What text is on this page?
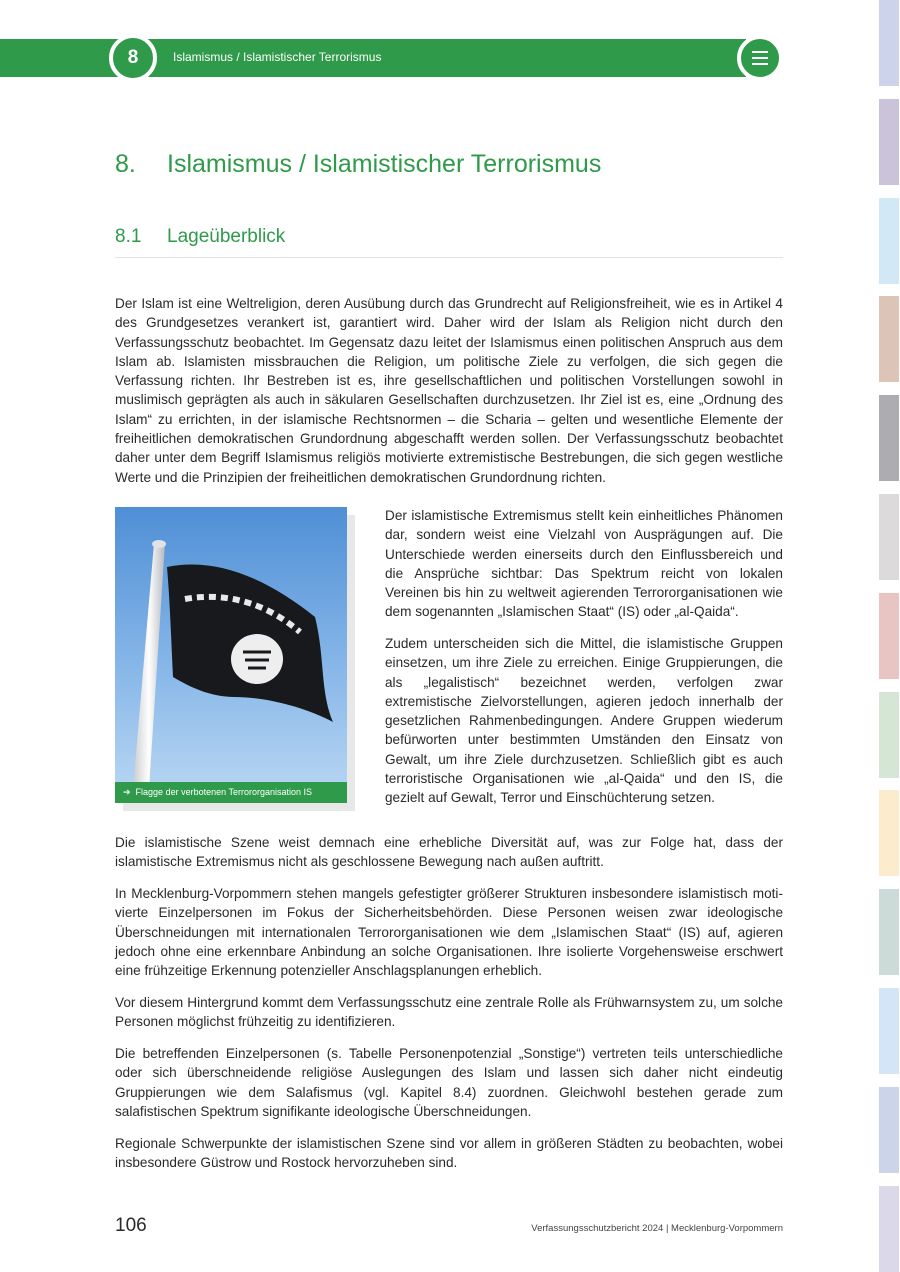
8	Islamismus / Islamistischer Terrorismus
8. Islamismus / Islamistischer Terrorismus
8.1 Lageüberblick

Der Islam ist eine Weltreligion, deren Ausübung durch das Grundrecht auf Religionsfreiheit, wie es in Artikel 4 des Grundgesetzes verankert ist, garantiert wird. Daher wird der Islam als Religion nicht durch den Verfassungsschutz beobachtet. Im Gegensatz dazu leitet der Islamismus einen politischen Anspruch aus dem Islam ab. Islamisten missbrauchen die Religion, um politische Ziele zu verfolgen, die sich gegen die Verfassung richten. Ihr Bestreben ist es, ihre gesellschaftlichen und politischen Vorstellungen sowohl in muslimisch geprägten als auch in säkularen Gesellschaften durchzusetzen. Ihr Ziel ist es, eine „Ordnung des Islam“ zu errichten, in der islamische Rechtsnormen – die Scharia – gelten und wesentliche Elemente der freiheitlichen demokratischen Grundordnung abgeschafft werden sollen. Der Verfassungsschutz beobachtet daher unter dem Begriff Islamismus religiös motivierte extremistische Bestrebungen, die sich gegen westliche Werte und die Prinzipien der freiheitlichen demokratischen Grundordnung richten.

➔ Flagge der verbotenen Terrororganisation IS

Der islamistische Extremismus stellt kein einheitliches Phänomen dar, sondern weist eine Vielzahl von Ausprägungen auf. Die Unterschiede werden einerseits durch den Einflussbereich und die Ansprüche sichtbar: Das Spektrum reicht von lokalen Vereinen bis hin zu weltweit agierenden Terrororganisationen wie dem sogenannten „Islamischen Staat“ (IS) oder „al-Qaida“.

Zudem unterscheiden sich die Mittel, die islamistische Gruppen einsetzen, um ihre Ziele zu erreichen. Einige Gruppierungen, die als „legalistisch“ bezeichnet werden, verfolgen zwar extremistische Zielvorstellungen, agieren jedoch innerhalb der gesetzlichen Rahmenbedingungen. Andere Gruppen wiederum befürworten unter bestimmten Umständen den Einsatz von Gewalt, um ihre Ziele durchzusetzen. Schließlich gibt es auch terroristische Organisationen wie „al-Qaida“ und den IS, die gezielt auf Gewalt, Terror und Einschüchterung setzen.

Die islamistische Szene weist demnach eine erhebliche Diversität auf, was zur Folge hat, dass der islamistische Extremismus nicht als geschlossene Bewegung nach außen auftritt.

In Mecklenburg-Vorpommern stehen mangels gefestigter größerer Strukturen insbesondere islamistisch motivierte Einzelpersonen im Fokus der Sicherheitsbehörden. Diese Personen weisen zwar ideologische Überschneidungen mit internationalen Terrororganisationen wie dem „Islamischen Staat“ (IS) auf, agieren jedoch ohne eine erkennbare Anbindung an solche Organisationen. Ihre isolierte Vorgehensweise erschwert eine frühzeitige Erkennung potenzieller Anschlagsplanungen erheblich.

Vor diesem Hintergrund kommt dem Verfassungsschutz eine zentrale Rolle als Frühwarnsystem zu, um solche Personen möglichst frühzeitig zu identifizieren.

Die betreffenden Einzelpersonen (s. Tabelle Personenpotenzial „Sonstige“) vertreten teils unterschiedliche oder sich überschneidende religiöse Auslegungen des Islam und lassen sich daher nicht eindeutig Gruppierungen wie dem Salafismus (vgl. Kapitel 8.4) zuordnen. Gleichwohl bestehen gerade zum salafistischen Spektrum signifikante ideologische Überschneidungen.

Regionale Schwerpunkte der islamistischen Szene sind vor allem in größeren Städten zu beobachten, wobei insbesondere Güstrow und Rostock hervorzuheben sind.

106	Verfassungsschutzbericht 2024 | Mecklenburg-Vorpommern
